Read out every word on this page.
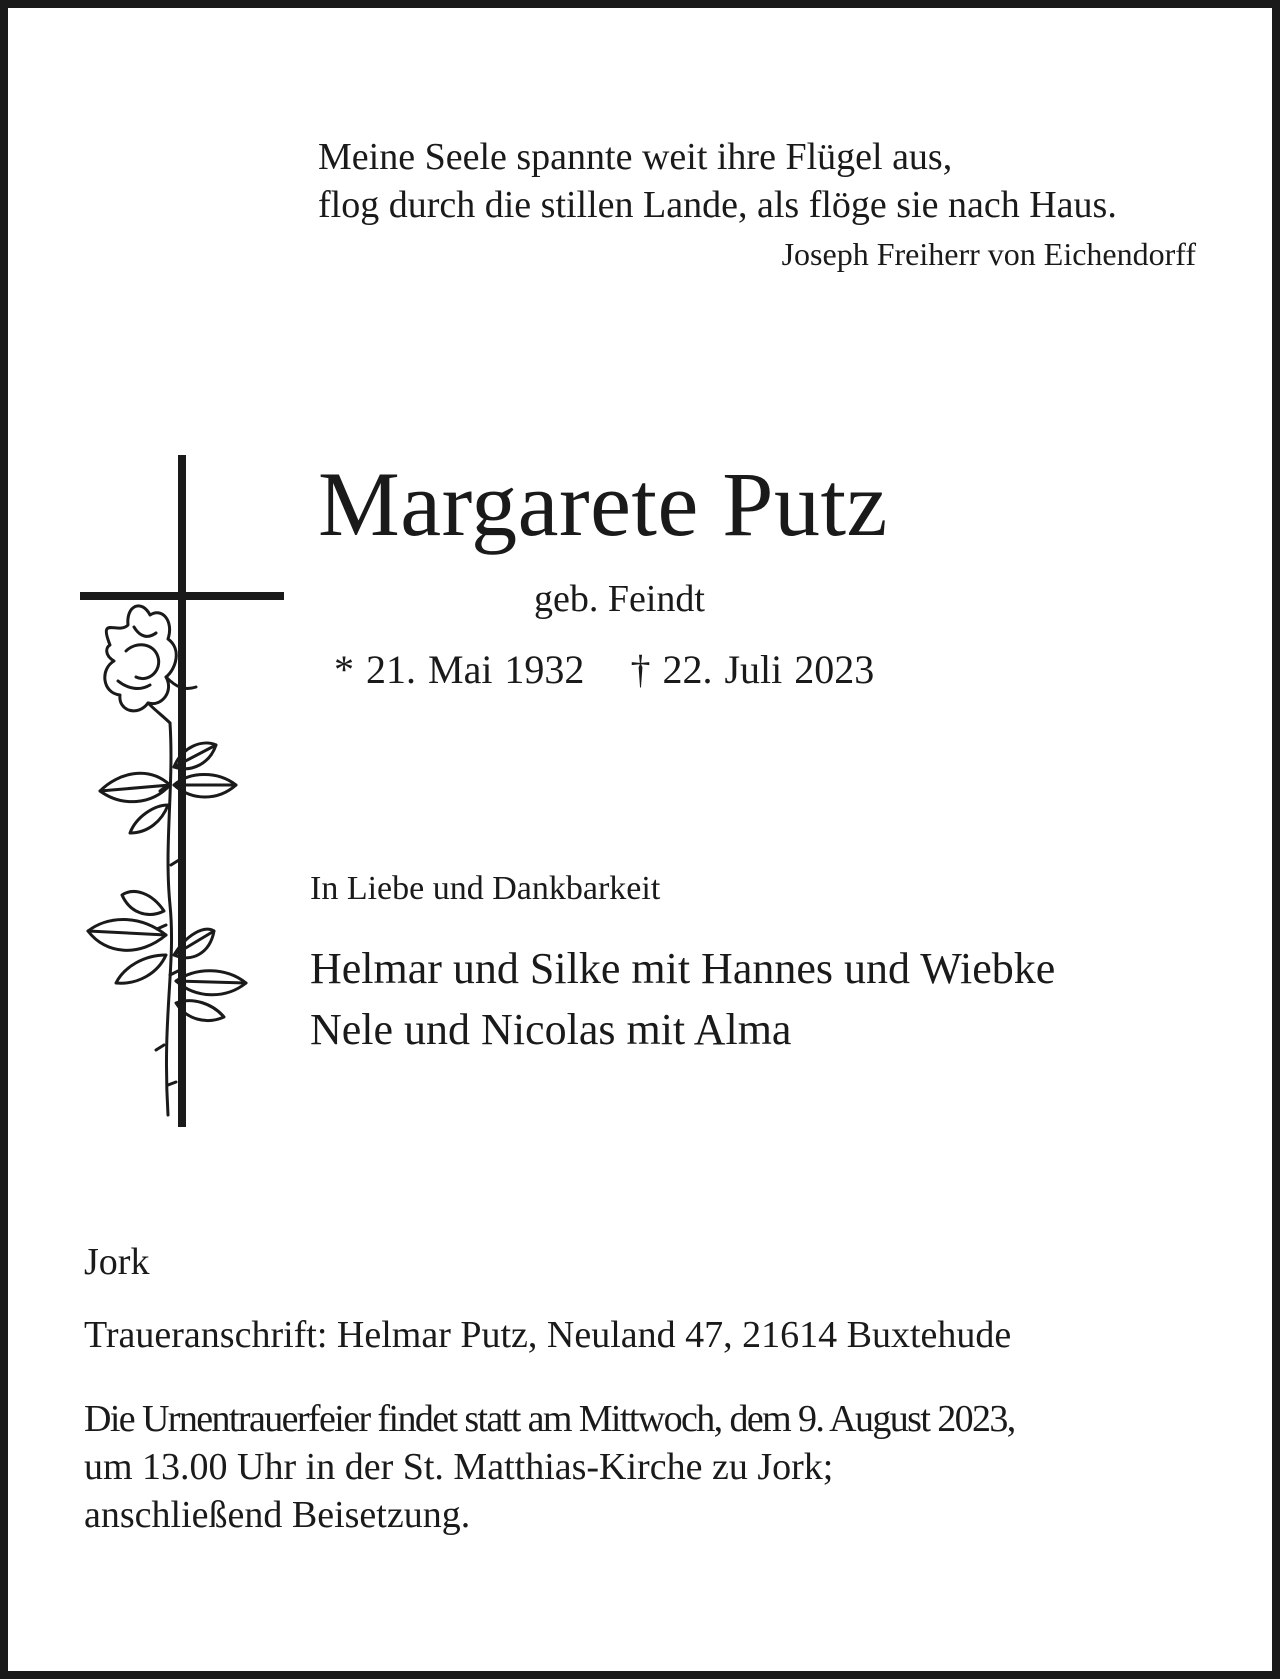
Meine Seele spannte weit ihre Flügel aus,

flog durch die stillen Lande, als flöge sie nach Haus.

Joseph Freiherr von Eichendorff

Margarete Putz

geb. Feindt

* 21. Mai 1932 † 22. Juli 2023

In Liebe und Dankbarkeit

Helmar und Silke mit Hannes und Wiebke

Nele und Nicolas mit Alma

Jork

Traueranschrift: Helmar Putz, Neuland 47, 21614 Buxtehude

Die Urnentrauerfeier findet statt am Mittwoch, dem 9. August 2023,
um 13.00 Uhr in der St. Matthias-Kirche zu Jork;
anschließend Beisetzung.
